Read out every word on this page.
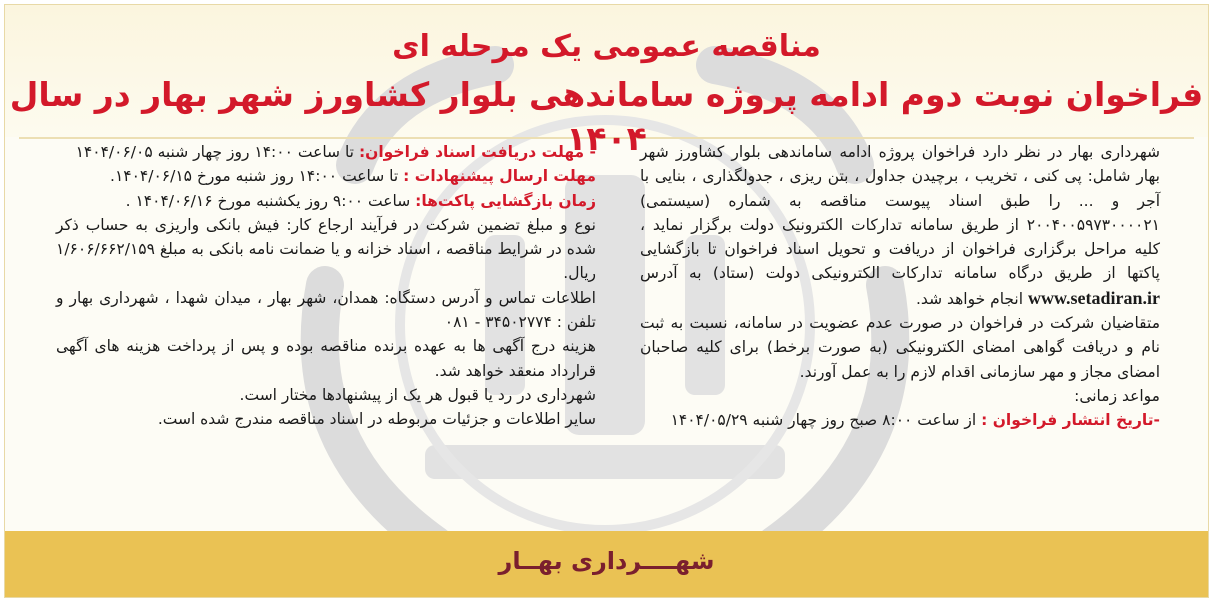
مناقصه عمومی یک مرحله ای
فراخوان نوبت دوم ادامه پروژه ساماندهی بلوار کشاورز شهر بهار در سال ۱۴۰۴

شهرداری بهار در نظر دارد فراخوان پروژه ادامه ساماندهی بلوار کشاورز شهر بهار شامل: پی کنی ، تخریب ، برچیدن جداول ، بتن ریزی ، جدولگذاری ، بنایی با آجر و ... را طبق اسناد پیوست مناقصه به شماره (سیستمی) ۲۰۰۴۰۰۵۹۷۳۰۰۰۰۲۱ از طریق سامانه تدارکات الکترونیک دولت برگزار نماید ، کلیه مراحل برگزاری فراخوان از دریافت و تحویل اسناد فراخوان تا بازگشایی پاکتها از طریق درگاه سامانه تدارکات الکترونیکی دولت (ستاد) به آدرس www.setadiran.ir انجام خواهد شد.

متقاضیان شرکت در فراخوان در صورت عدم عضویت در سامانه، نسبت به ثبت نام و دریافت گواهی امضای الکترونیکی (به صورت برخط) برای کلیه صاحبان امضای مجاز و مهر سازمانی اقدام لازم را به عمل آورند.

مواعد زمانی:

-تاریخ انتشار فراخوان : از ساعت ۸:۰۰ صبح روز چهار شنبه ۱۴۰۴/۰۵/۲۹

- مهلت دریافت اسناد فراخوان: تا ساعت ۱۴:۰۰ روز چهار شنبه ۱۴۰۴/۰۶/۰۵

مهلت ارسال پیشنهادات : تا ساعت ۱۴:۰۰ روز شنبه مورخ ۱۴۰۴/۰۶/۱۵.

زمان بازگشایی پاکت‌ها: ساعت ۹:۰۰ روز یکشنبه مورخ ۱۴۰۴/۰۶/۱۶ .

نوع و مبلغ تضمین شرکت در فرآیند ارجاع کار: فیش بانکی واریزی به حساب ذکر شده در شرایط مناقصه ، اسناد خزانه و یا ضمانت نامه بانکی به مبلغ ۱/۶۰۶/۶۶۲/۱۵۹ ریال.

اطلاعات تماس و آدرس دستگاه: همدان، شهر بهار ، میدان شهدا ، شهرداری بهار و تلفن : ۳۴۵۰۲۷۷۴ - ۰۸۱

هزینه درج آگهی ها به عهده برنده مناقصه بوده و پس از پرداخت هزینه های آگهی قرارداد منعقد خواهد شد.

شهرداری در رد یا قبول هر یک از پیشنهادها مختار است.

سایر اطلاعات و جزئیات مربوطه در اسناد مناقصه مندرج شده است.

شهــــرداری بهــار
